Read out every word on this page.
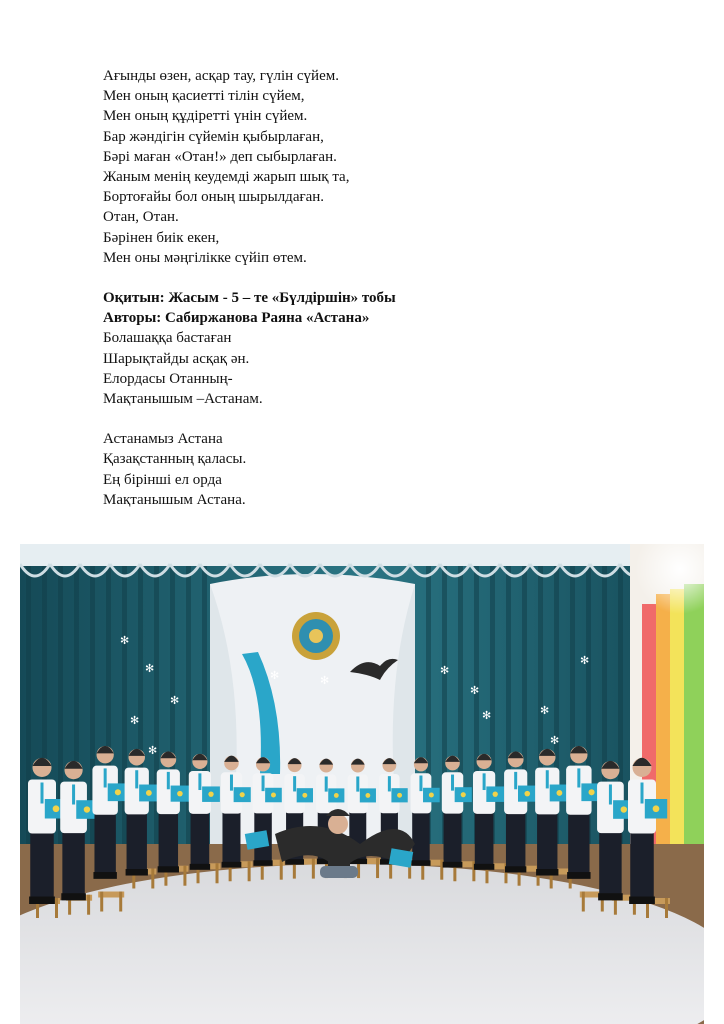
Ағынды өзен, асқар тау, гүлін сүйем.
Мен оның қасиетті тілін сүйем,
Мен оның құдіретті үнін сүйем.
Бар жәндігін сүйемін қыбырлаған,
Бәрі маған «Отан!» деп сыбырлаған.
Жаным менің кеудемді жарып шық та,
Бортоғайы бол оның шырылдаған.
Отан, Отан.
Бәрінен биік екен,
Мен оны мәңгілікке сүйіп өтем.
Оқитын: Жасым - 5 – те «Бүлдіршін» тобы
Авторы: Сабиржанова Раяна «Астана»
Болашаққа бастаған
Шарықтайды асқақ ән.
Елордасы Отанның-
Мақтанышым –Астанам.
Астанамыз Астана
Қазақстанның қаласы.
Ең бірінші ел орда
Мақтанышым Астана.
✻
✻
✻
✻
✻
✻
✻
✻	✻
✻
✻
✻
✻
